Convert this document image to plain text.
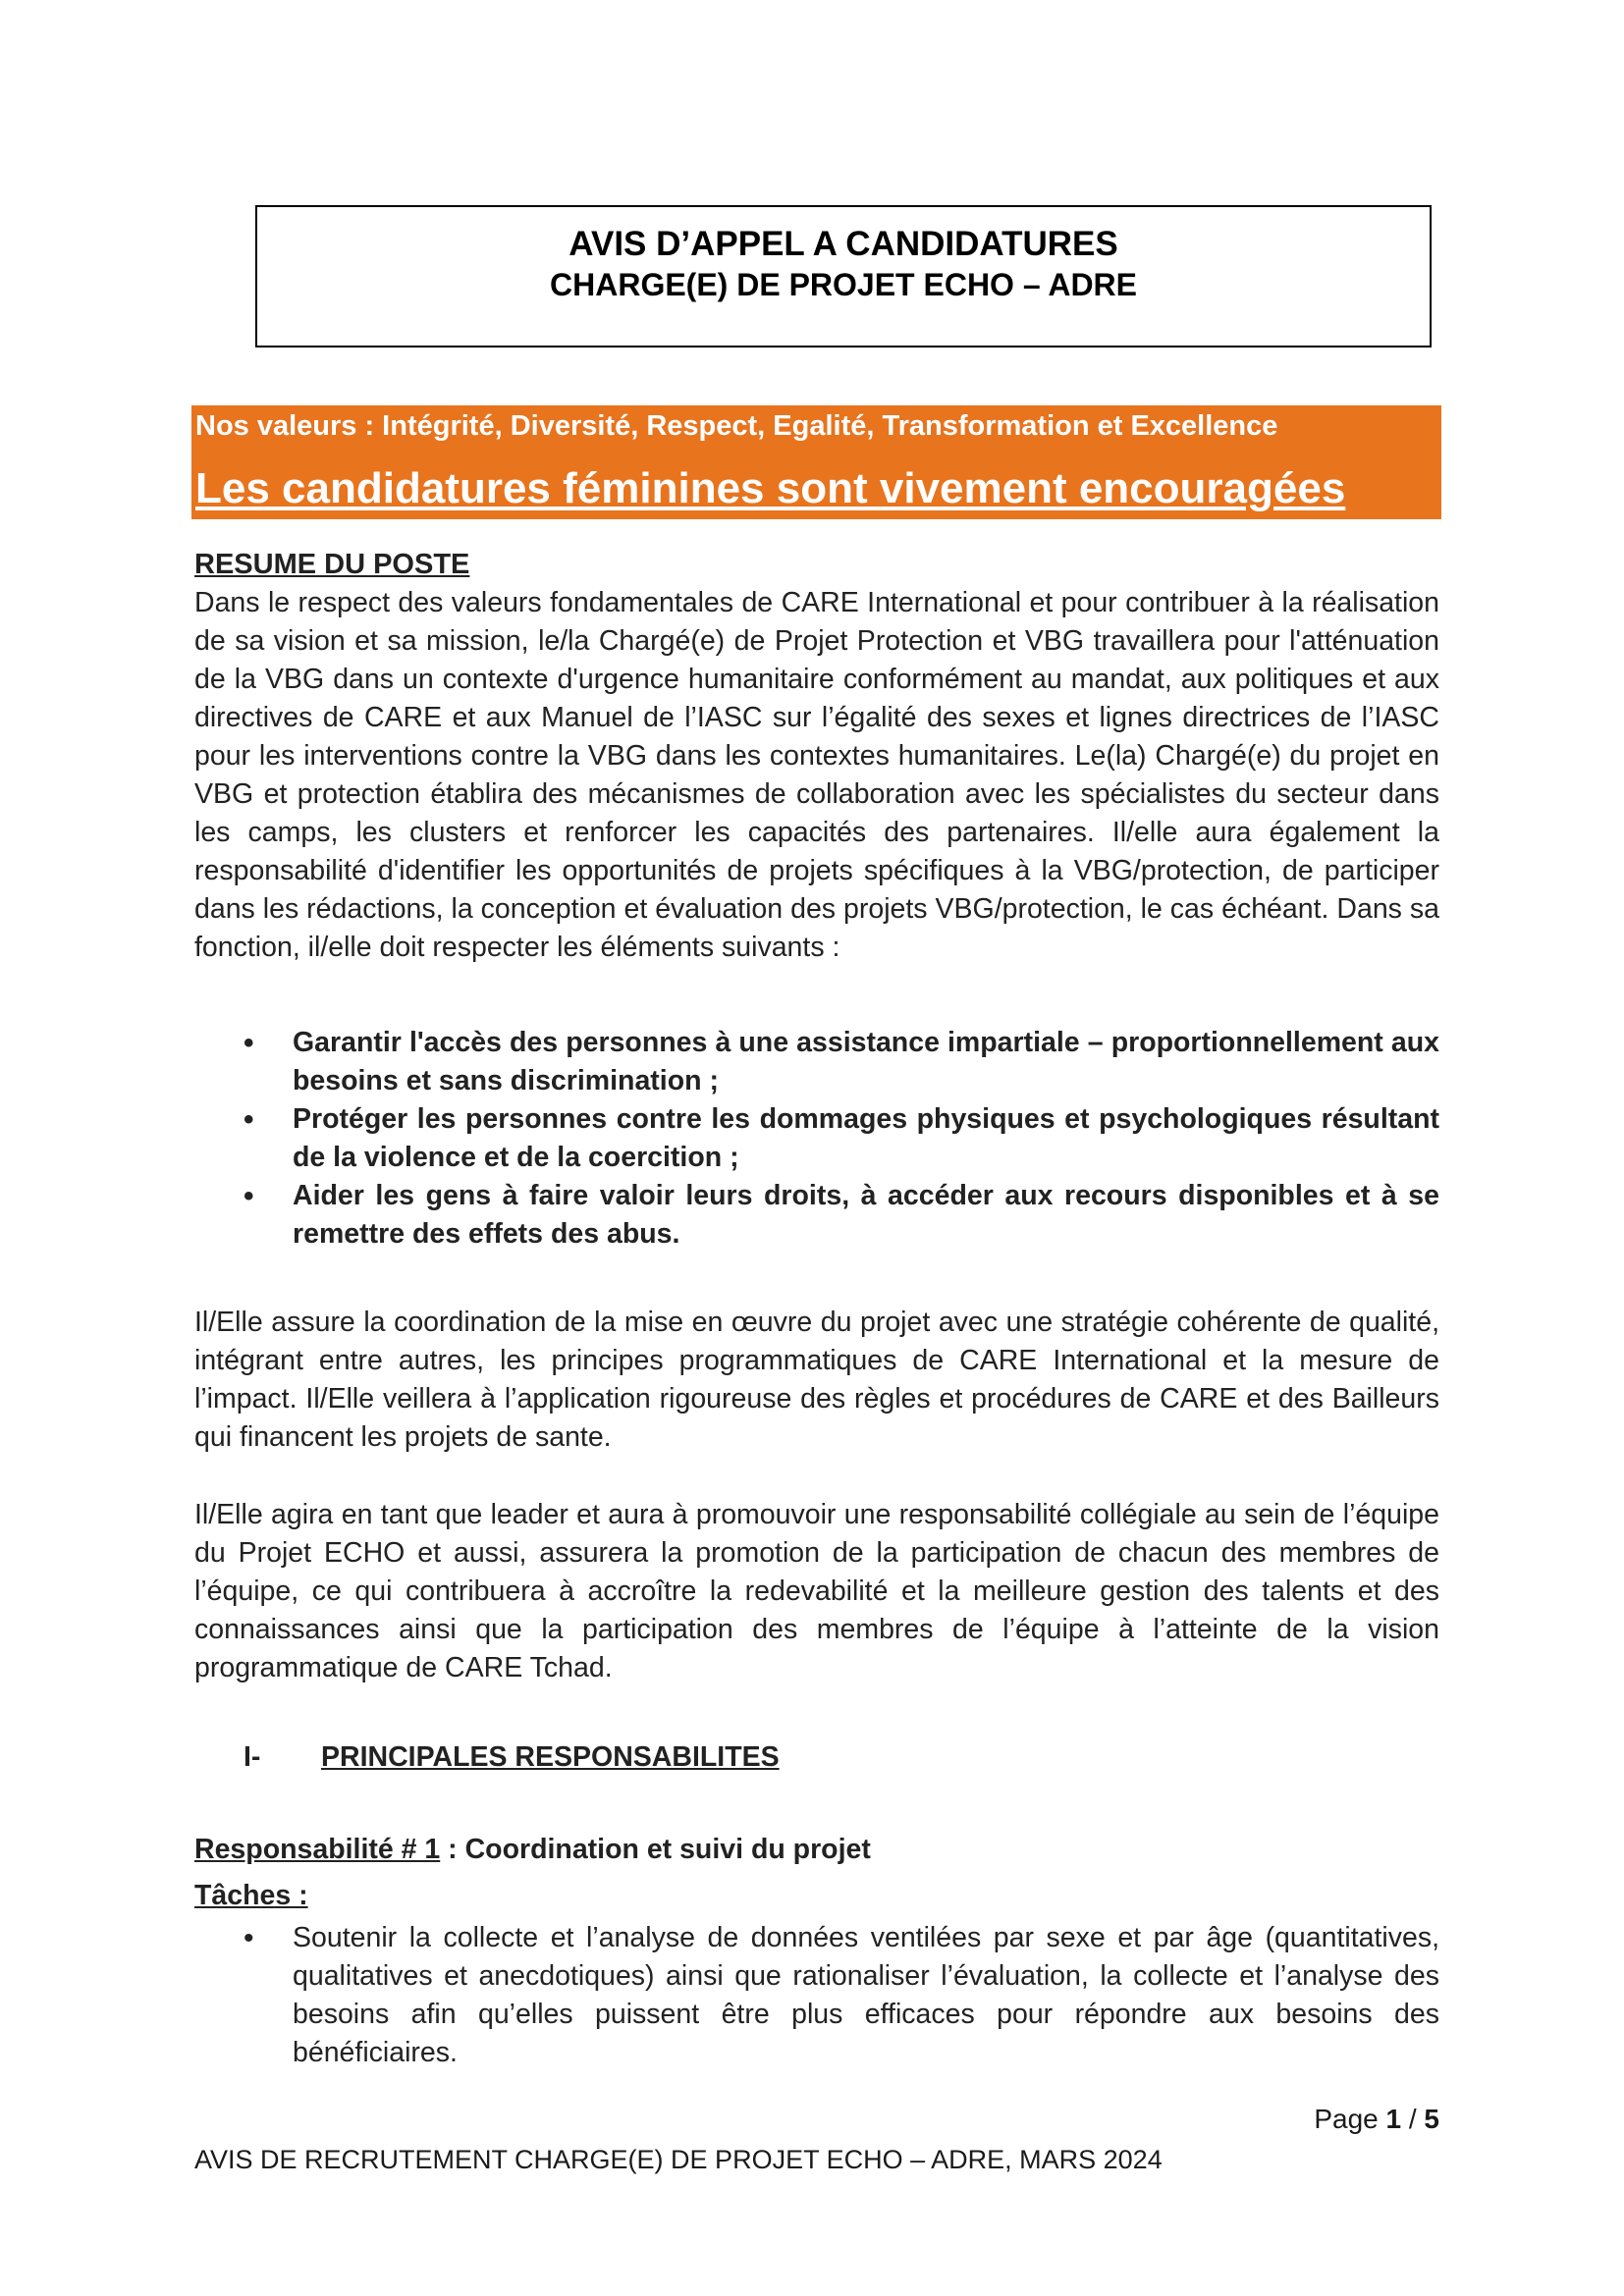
AVIS D’APPEL A CANDIDATURES
CHARGE(E) DE PROJET ECHO – ADRE
Nos valeurs : Intégrité, Diversité, Respect, Egalité, Transformation et Excellence
Les candidatures féminines sont vivement encouragées

RESUME DU POSTE

Dans le respect des valeurs fondamentales de CARE International et pour contribuer à la réalisation de sa vision et sa mission, le/la Chargé(e) de Projet Protection et VBG travaillera pour l'atténuation de la VBG dans un contexte d'urgence humanitaire conformément au mandat, aux politiques et aux directives de CARE et aux Manuel de l’IASC sur l’égalité des sexes et lignes directrices de l’IASC pour les interventions contre la VBG dans les contextes humanitaires. Le(la) Chargé(e) du projet en VBG et protection établira des mécanismes de collaboration avec les spécialistes du secteur dans les camps, les clusters et renforcer les capacités des partenaires. Il/elle aura également la responsabilité d'identifier les opportunités de projets spécifiques à la VBG/protection, de participer dans les rédactions, la conception et évaluation des projets VBG/protection, le cas échéant. Dans sa fonction, il/elle doit respecter les éléments suivants :

• Garantir l'accès des personnes à une assistance impartiale – proportionnellement aux besoins et sans discrimination ;
• Protéger les personnes contre les dommages physiques et psychologiques résultant de la violence et de la coercition ;
• Aider les gens à faire valoir leurs droits, à accéder aux recours disponibles et à se remettre des effets des abus.

Il/Elle assure la coordination de la mise en œuvre du projet avec une stratégie cohérente de qualité, intégrant entre autres, les principes programmatiques de CARE International et la mesure de l’impact. Il/Elle veillera à l’application rigoureuse des règles et procédures de CARE et des Bailleurs qui financent les projets de sante.

Il/Elle agira en tant que leader et aura à promouvoir une responsabilité collégiale au sein de l’équipe du Projet ECHO et aussi, assurera la promotion de la participation de chacun des membres de l’équipe, ce qui contribuera à accroître la redevabilité et la meilleure gestion des talents et des connaissances ainsi que la participation des membres de l’équipe à l’atteinte de la vision programmatique de CARE Tchad.

I- PRINCIPALES RESPONSABILITES
Responsabilité # 1 : Coordination et suivi du projet
Tâches :
• Soutenir la collecte et l’analyse de données ventilées par sexe et par âge (quantitatives, qualitatives et anecdotiques) ainsi que rationaliser l’évaluation, la collecte et l’analyse des besoins afin qu’elles puissent être plus efficaces pour répondre aux besoins des bénéficiaires.
Page 1 / 5
AVIS DE RECRUTEMENT CHARGE(E) DE PROJET ECHO – ADRE, MARS 2024
